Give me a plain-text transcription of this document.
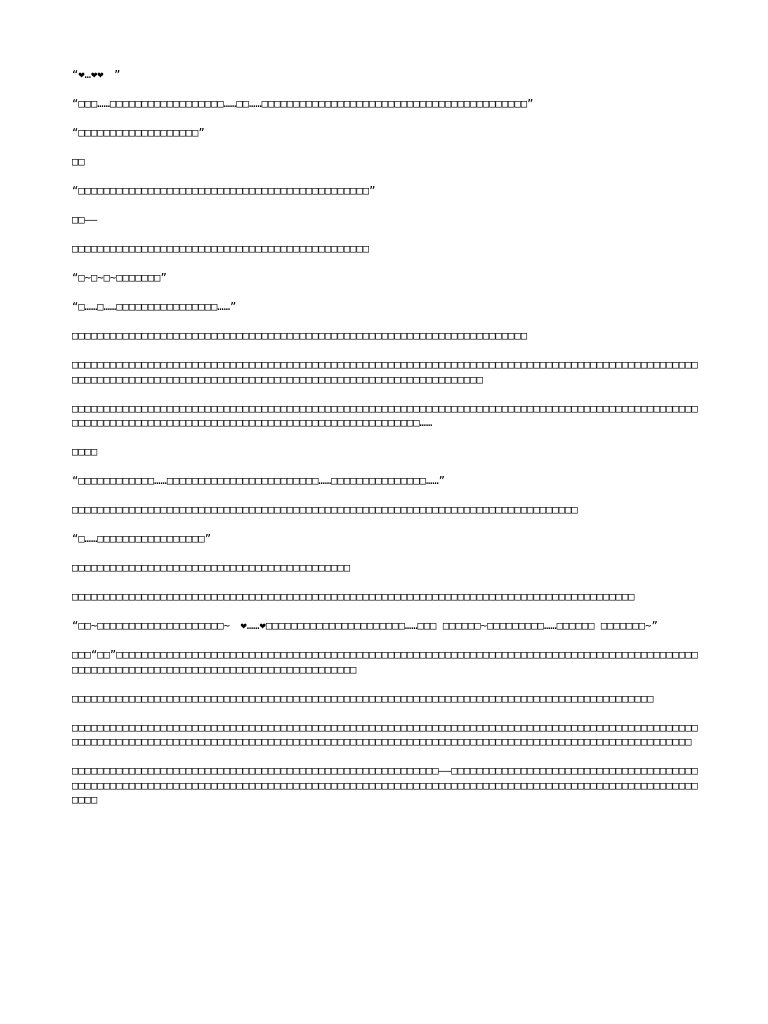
“❤…❤❤　”

“□□□……□□□□□□□□□□□□□□□□□□……□□……□□□□□□□□□□□□□□□□□□□□□□□□□□□□□□□□□□□□□□□□□□”

“□□□□□□□□□□□□□□□□□□□”

□□

“□□□□□□□□□□□□□□□□□□□□□□□□□□□□□□□□□□□□□□□□□□□□□□”

□□——

□□□□□□□□□□□□□□□□□□□□□□□□□□□□□□□□□□□□□□□□□□□□□□□

“□~□~□~□□□□□□□”

“□……□……□□□□□□□□□□□□□□□□……”

□□□□□□□□□□□□□□□□□□□□□□□□□□□□□□□□□□□□□□□□□□□□□□□□□□□□□□□□□□□□□□□□□□□□□□□□

□□□□□□□□□□□□□□□□□□□□□□□□□□□□□□□□□□□□□□□□□□□□□□□□□□□□□□□□□□□□□□□□□□□□□□□□□□□□□□□□□□□□□□□□□□□□□□□□□□□□□□□□□□□□□□□□□□□□□□□□□□□□□□□□□□□□□□□□□□□□□□□□□□□□□□□□□□□□□□□□□□□□

□□□□□□□□□□□□□□□□□□□□□□□□□□□□□□□□□□□□□□□□□□□□□□□□□□□□□□□□□□□□□□□□□□□□□□□□□□□□□□□□□□□□□□□□□□□□□□□□□□□□□□□□□□□□□□□□□□□□□□□□□□□□□□□□□□□□□□□□□□□□□□□□□□□□□□□□□□……

□□□□

“□□□□□□□□□□□□……□□□□□□□□□□□□□□□□□□□□□□□□……□□□□□□□□□□□□□□□……”

□□□□□□□□□□□□□□□□□□□□□□□□□□□□□□□□□□□□□□□□□□□□□□□□□□□□□□□□□□□□□□□□□□□□□□□□□□□□□□□□

“□……□□□□□□□□□□□□□□□□□”

□□□□□□□□□□□□□□□□□□□□□□□□□□□□□□□□□□□□□□□□□□□□

□□□□□□□□□□□□□□□□□□□□□□□□□□□□□□□□□□□□□□□□□□□□□□□□□□□□□□□□□□□□□□□□□□□□□□□□□□□□□□□□□□□□□□□□□

“□□~□□□□□□□□□□□□□□□□□□□□~　❤……❤□□□□□□□□□□□□□□□□□□□□□□……□□□ □□□□□□~□□□□□□□□□……□□□□□□ □□□□□□□~”

□□□“□□”□□□□□□□□□□□□□□□□□□□□□□□□□□□□□□□□□□□□□□□□□□□□□□□□□□□□□□□□□□□□□□□□□□□□□□□□□□□□□□□□□□□□□□□□□□□□□□□□□□□□□□□□□□□□□□□□□□□□□□□□□□□□□□□□□□□□□□□□□

□□□□□□□□□□□□□□□□□□□□□□□□□□□□□□□□□□□□□□□□□□□□□□□□□□□□□□□□□□□□□□□□□□□□□□□□□□□□□□□□□□□□□□□□□□□□

□□□□□□□□□□□□□□□□□□□□□□□□□□□□□□□□□□□□□□□□□□□□□□□□□□□□□□□□□□□□□□□□□□□□□□□□□□□□□□□□□□□□□□□□□□□□□□□□□□□□□□□□□□□□□□□□□□□□□□□□□□□□□□□□□□□□□□□□□□□□□□□□□□□□□□□□□□□□□□□□□□□□□□□□□□□□□□□□□□□□□□□□□□□□□□□□□□□□□

□□□□□□□□□□□□□□□□□□□□□□□□□□□□□□□□□□□□□□□□□□□□□□□□□□□□□□□□□□——□□□□□□□□□□□□□□□□□□□□□□□□□□□□□□□□□□□□□□□□□□□□□□□□□□□□□□□□□□□□□□□□□□□□□□□□□□□□□□□□□□□□□□□□□□□□□□□□□□□□□□□□□□□□□□□□□□□□□□□□□□□□□□□□□□□□□□□□□□□□□□
